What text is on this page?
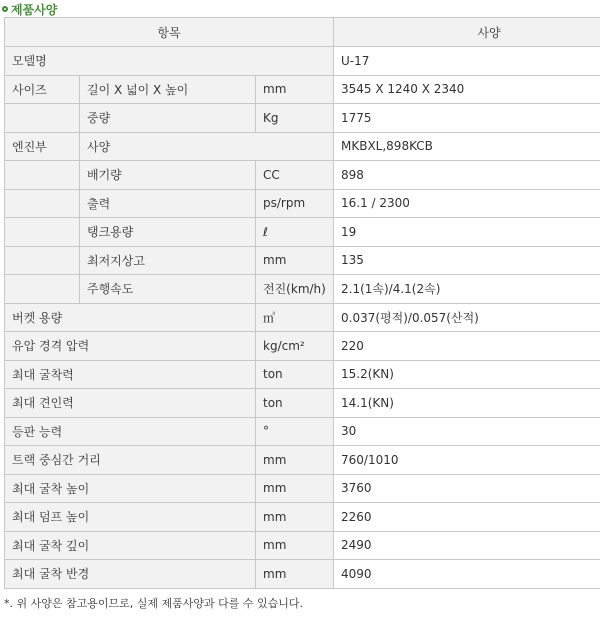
제품사양
항목			사양
모델명			U-17
사이즈	길이 X 넓이 X 높이	mm	3545 X 1240 X 2340
	중량	Kg	1775
엔진부	사양		MKBXL,898KCB
	배기량	CC	898
	출력	ps/rpm	16.1 / 2300
	탱크용량	ℓ	19
	최저지상고	mm	135
	주행속도	전진(km/h)	2.1(1속)/4.1(2속)
버켓 용량		㎥	0.037(평적)/0.057(산적)
유압 경격 압력		kg/cm²	220
최대 굴착력		ton	15.2(KN)
최대 견인력		ton	14.1(KN)
등판 능력		°	30
트랙 중심간 거리		mm	760/1010
최대 굴착 높이		mm	3760
최대 덤프 높이		mm	2260
최대 굴착 깊이		mm	2490
최대 굴착 반경		mm	4090
*. 위 사양은 참고용이므로, 실제 제품사양과 다를 수 있습니다.
